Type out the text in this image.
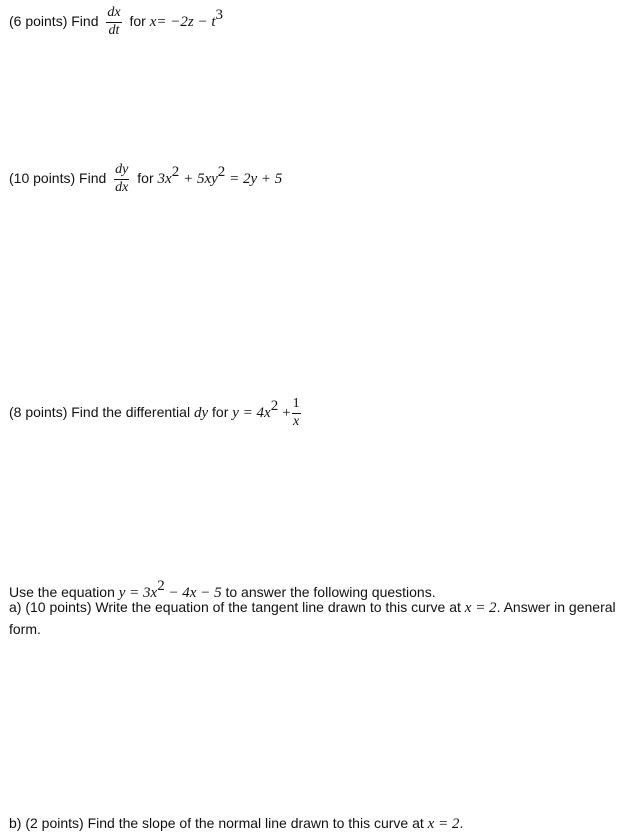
(6 points) Find $\frac{dx}{dt}$ for $x= -2z - t^3$
(10 points) Find $\frac{dy}{dx}$ for $3x^2 + 5xy^2 = 2y + 5$
(8 points) Find the differential dy for $y = 4x^2 + \frac{1}{x}$
Use the equation $y = 3x^2 - 4x - 5$ to answer the following questions.
a) (10 points) Write the equation of the tangent line drawn to this curve at x = 2. Answer in general form.
b) (2 points) Find the slope of the normal line drawn to this curve at x = 2.
